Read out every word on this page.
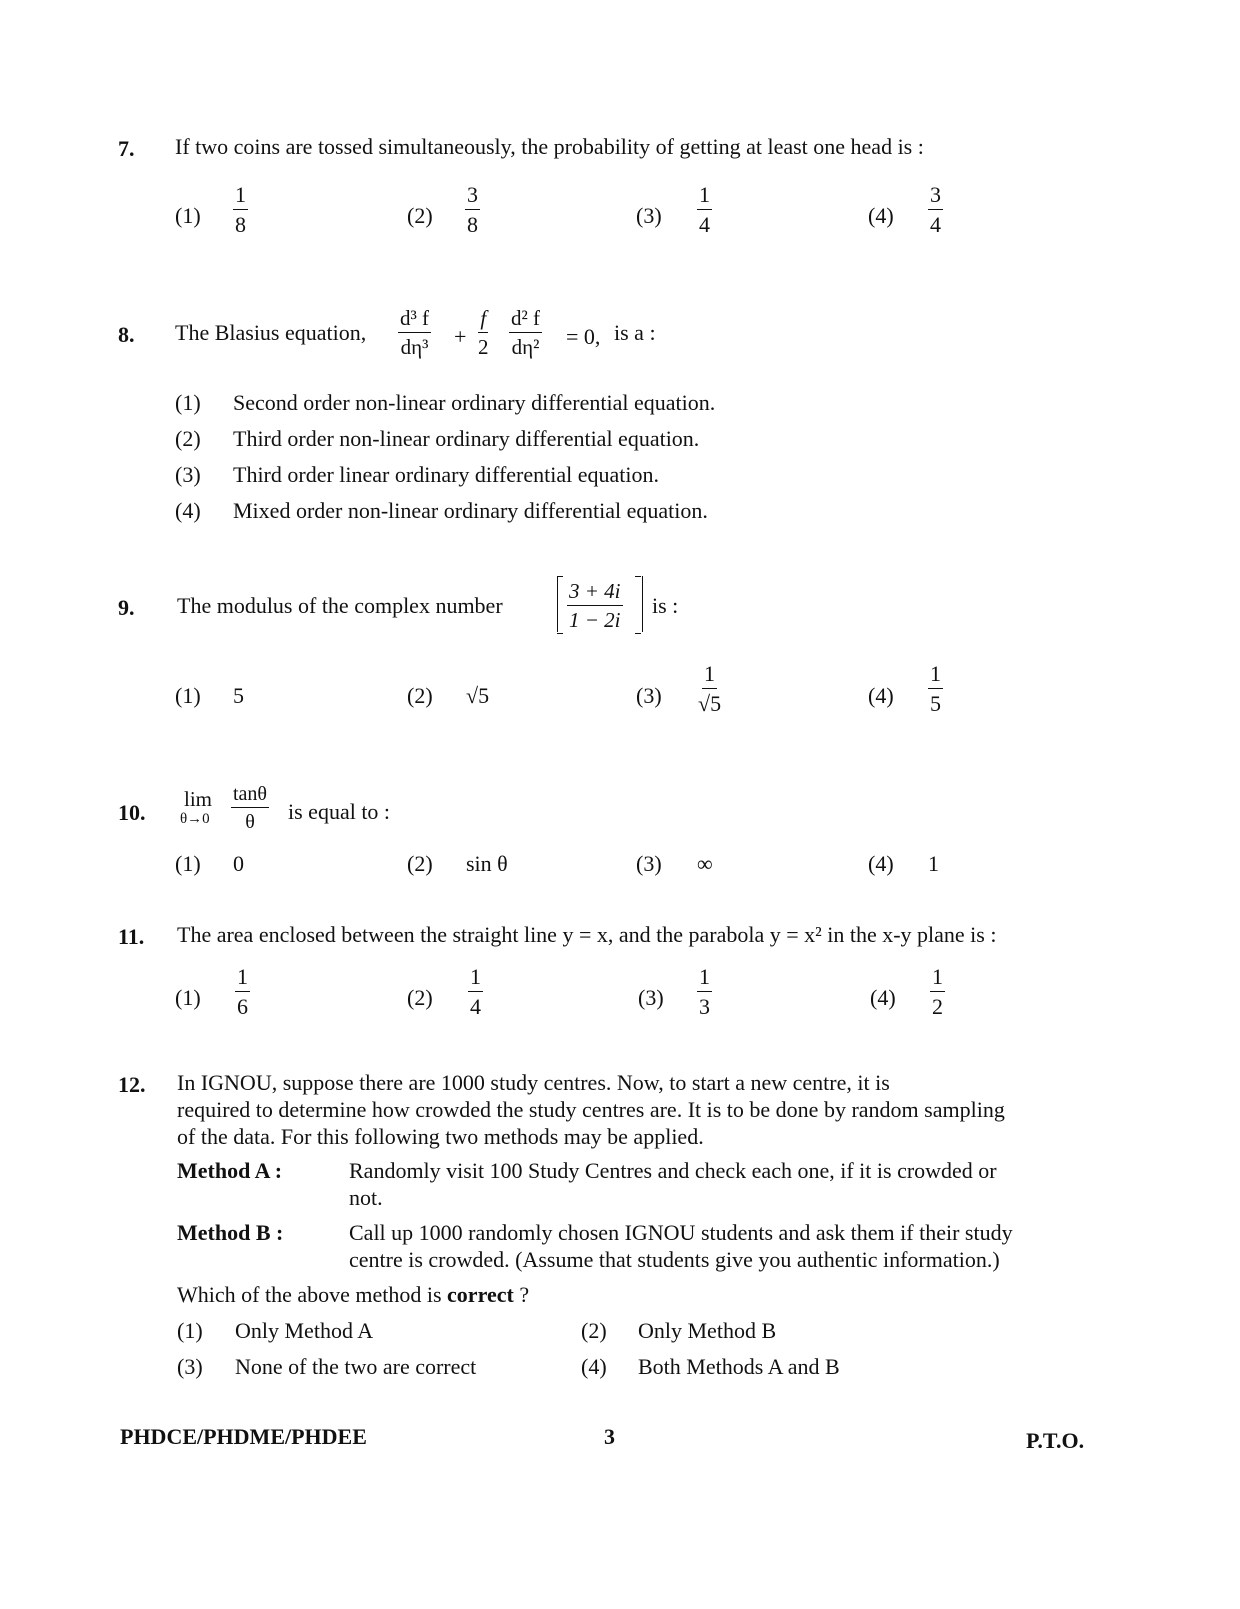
7. If two coins are tossed simultaneously, the probability of getting at least one head is :
$(1) \frac{1}{8}$	$(2) \frac{3}{8}$	$(3) \frac{1}{4}$	$(4) \frac{3}{4}$
8. The Blasius equation, $\frac{\text{d³ f}}{\text{dη³}} + \frac{f}{2} \frac{\text{d² f}}{\text{dη²}} = 0$, is a :
(1) Second order non-linear ordinary differential equation.
(2) Third order non-linear ordinary differential equation.
(3) Third order linear ordinary differential equation.
(4) Mixed order non-linear ordinary differential equation.
9. The modulus of the complex number	$\frac{3 + 4i}{1 - 2i}$ is :
(1) 5	(2) √5	$(3) \frac{1}{√5}$	$(4) \frac{1}{5}$
10.
lim
$\theta\to 0 \frac{\tan\theta}{\theta}$ is equal to :
(1) 0	(2) sin θ	(3) ∞	(4) 1
11. The area enclosed between the straight line y = x, and the parabola y = x² in the x-y plane is :
$(1) \frac{1}{6}$	$(2) \frac{1}{4}$	$(3) \frac{1}{3}$	$(4) \frac{1}{2}$
12. In IGNOU, suppose there are 1000 study centres. Now, to start a new centre, it is
required to determine how crowded the study centres are. It is to be done by random sampling
of the data. For this following two methods may be applied.
Method A :	Randomly visit 100 Study Centres and check each one, if it is crowded or
not.
Method B :	Call up 1000 randomly chosen IGNOU students and ask them if their study
centre is crowded. (Assume that students give you authentic information.)
Which of the above method is correct ?
(1) Only Method A	(2) Only Method B
(3) None of the two are correct	(4) Both Methods A and B
PHDCE/PHDME/PHDEE	3	P.T.O.
